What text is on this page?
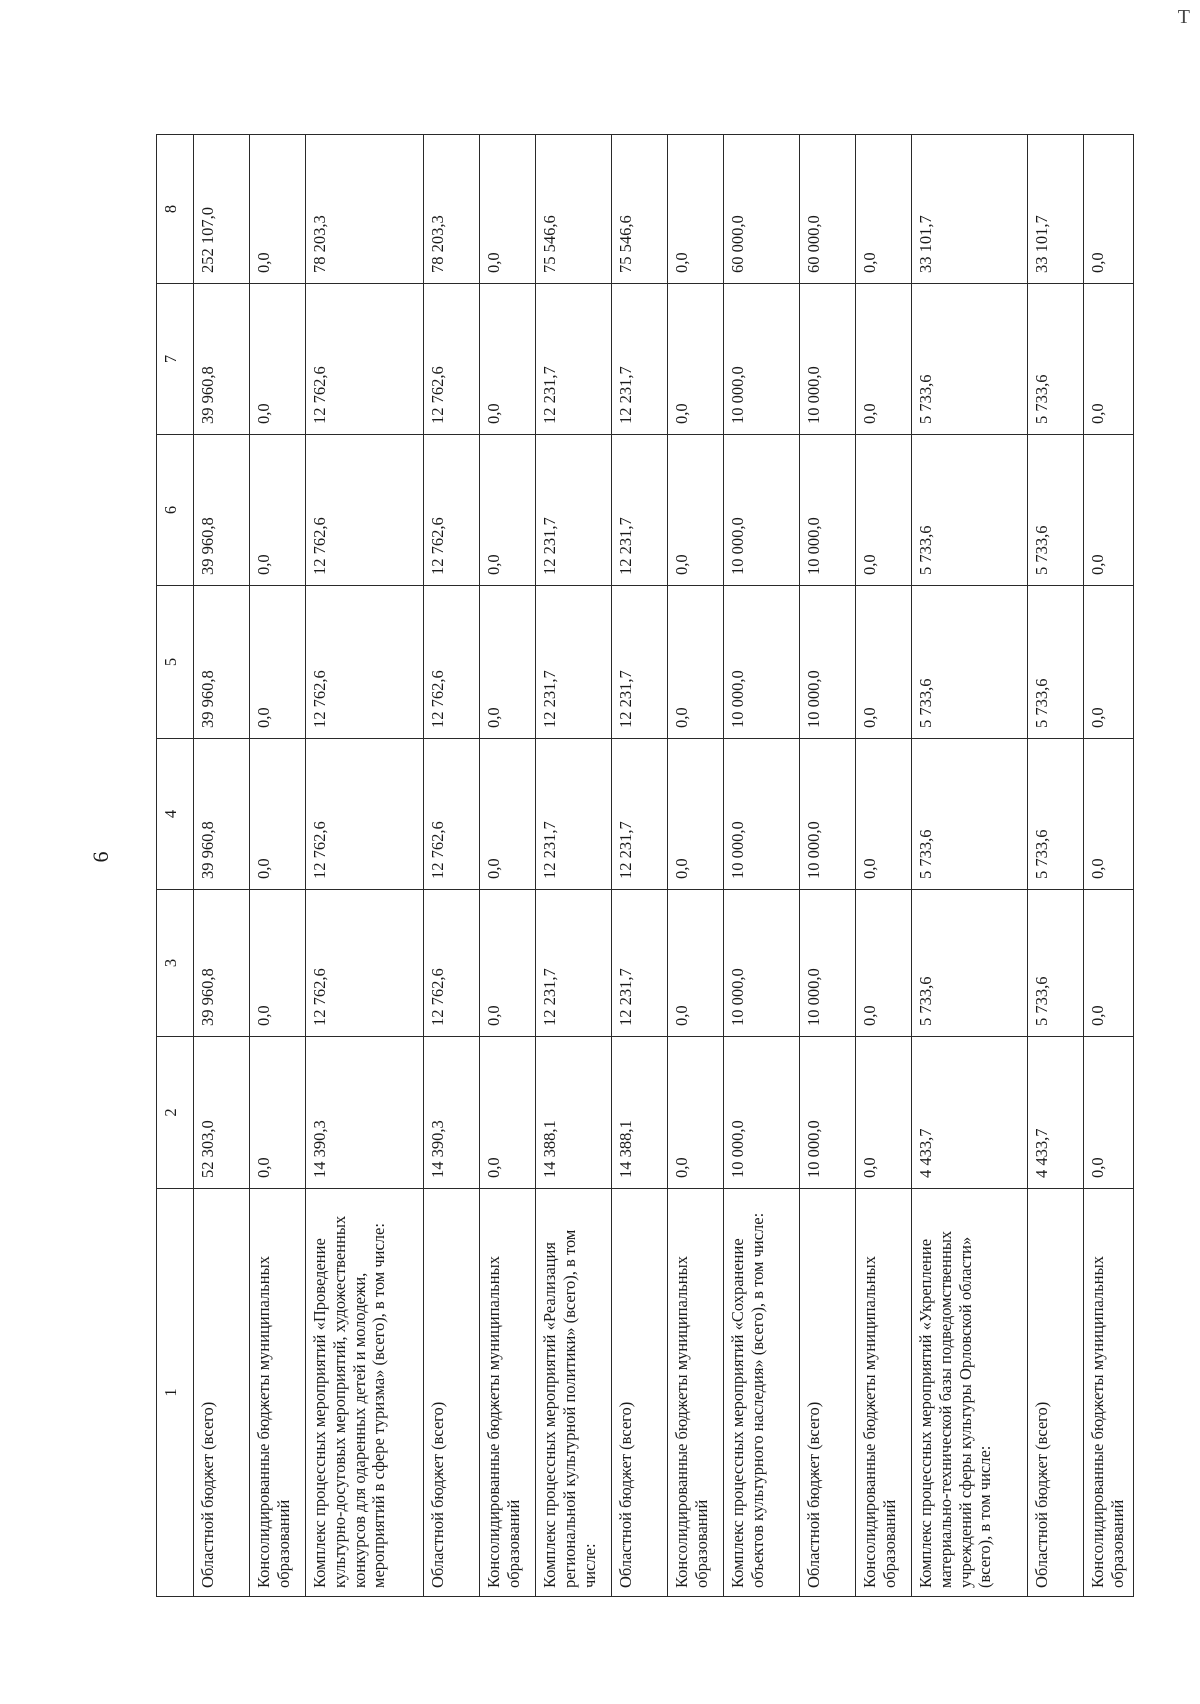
Т
6
1	2	3	4	5	6	7	8
Областной бюджет (всего)	52 303,0	39 960,8	39 960,8	39 960,8	39 960,8	39 960,8	252 107,0
Консолидированные бюджеты муниципальных образований	0,0	0,0	0,0	0,0	0,0	0,0	0,0
Комплекс процессных мероприятий «Проведение культурно-досуговых мероприятий, художественных конкурсов для одаренных детей и молодежи, мероприятий в сфере туризма» (всего), в том числе:	14 390,3	12 762,6	12 762,6	12 762,6	12 762,6	12 762,6	78 203,3
Областной бюджет (всего)	14 390,3	12 762,6	12 762,6	12 762,6	12 762,6	12 762,6	78 203,3
Консолидированные бюджеты муниципальных образований	0,0	0,0	0,0	0,0	0,0	0,0	0,0
Комплекс процессных мероприятий «Реализация региональной культурной политики» (всего), в том числе:	14 388,1	12 231,7	12 231,7	12 231,7	12 231,7	12 231,7	75 546,6
Областной бюджет (всего)	14 388,1	12 231,7	12 231,7	12 231,7	12 231,7	12 231,7	75 546,6
Консолидированные бюджеты муниципальных образований	0,0	0,0	0,0	0,0	0,0	0,0	0,0
Комплекс процессных мероприятий «Сохранение объектов культурного наследия» (всего), в том числе:	10 000,0	10 000,0	10 000,0	10 000,0	10 000,0	10 000,0	60 000,0
Областной бюджет (всего)	10 000,0	10 000,0	10 000,0	10 000,0	10 000,0	10 000,0	60 000,0
Консолидированные бюджеты муниципальных образований	0,0	0,0	0,0	0,0	0,0	0,0	0,0
Комплекс процессных мероприятий «Укрепление материально-технической базы подведомственных учреждений сферы культуры Орловской области» (всего), в том числе:	4 433,7	5 733,6	5 733,6	5 733,6	5 733,6	5 733,6	33 101,7
Областной бюджет (всего)	4 433,7	5 733,6	5 733,6	5 733,6	5 733,6	5 733,6	33 101,7
Консолидированные бюджеты муниципальных образований	0,0	0,0	0,0	0,0	0,0	0,0	0,0
